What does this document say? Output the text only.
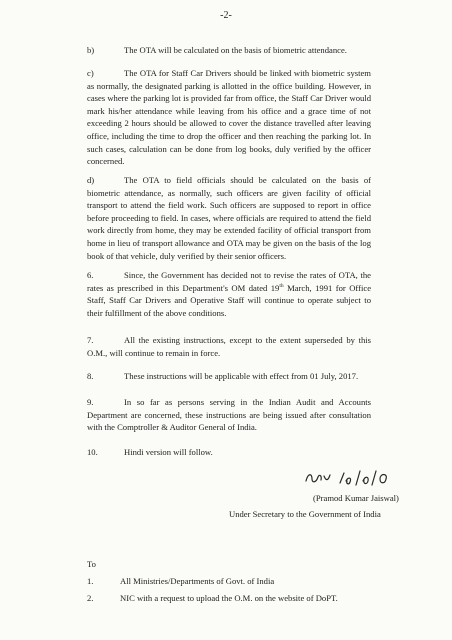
-2-
b)	The OTA will be calculated on the basis of biometric attendance.
c)	The OTA for Staff Car Drivers should be linked with biometric system as normally, the designated parking is allotted in the office building. However, in cases where the parking lot is provided far from office, the Staff Car Driver would mark his/her attendance while leaving from his office and a grace time of not exceeding 2 hours should be allowed to cover the distance travelled after leaving office, including the time to drop the officer and then reaching the parking lot. In such cases, calculation can be done from log books, duly verified by the officer concerned.
d)	The OTA to field officials should be calculated on the basis of biometric attendance, as normally, such officers are given facility of official transport to attend the field work. Such officers are supposed to report in office before proceeding to field. In cases, where officials are required to attend the field work directly from home, they may be extended facility of official transport from home in lieu of transport allowance and OTA may be given on the basis of the log book of that vehicle, duly verified by their senior officers.
6.	Since, the Government has decided not to revise the rates of OTA, the rates as prescribed in this Department's OM dated 19th March, 1991 for Office Staff, Staff Car Drivers and Operative Staff will continue to operate subject to their fulfillment of the above conditions.
7.	All the existing instructions, except to the extent superseded by this O.M., will continue to remain in force.
8.	These instructions will be applicable with effect from 01 July, 2017.
9.	In so far as persons serving in the Indian Audit and Accounts Department are concerned, these instructions are being issued after consultation with the Comptroller & Auditor General of India.
10.	Hindi version will follow.
(Pramod Kumar Jaiswal)
Under Secretary to the Government of India
To
1.	All Ministries/Departments of Govt. of India
2.	NIC with a request to upload the O.M. on the website of DoPT.
